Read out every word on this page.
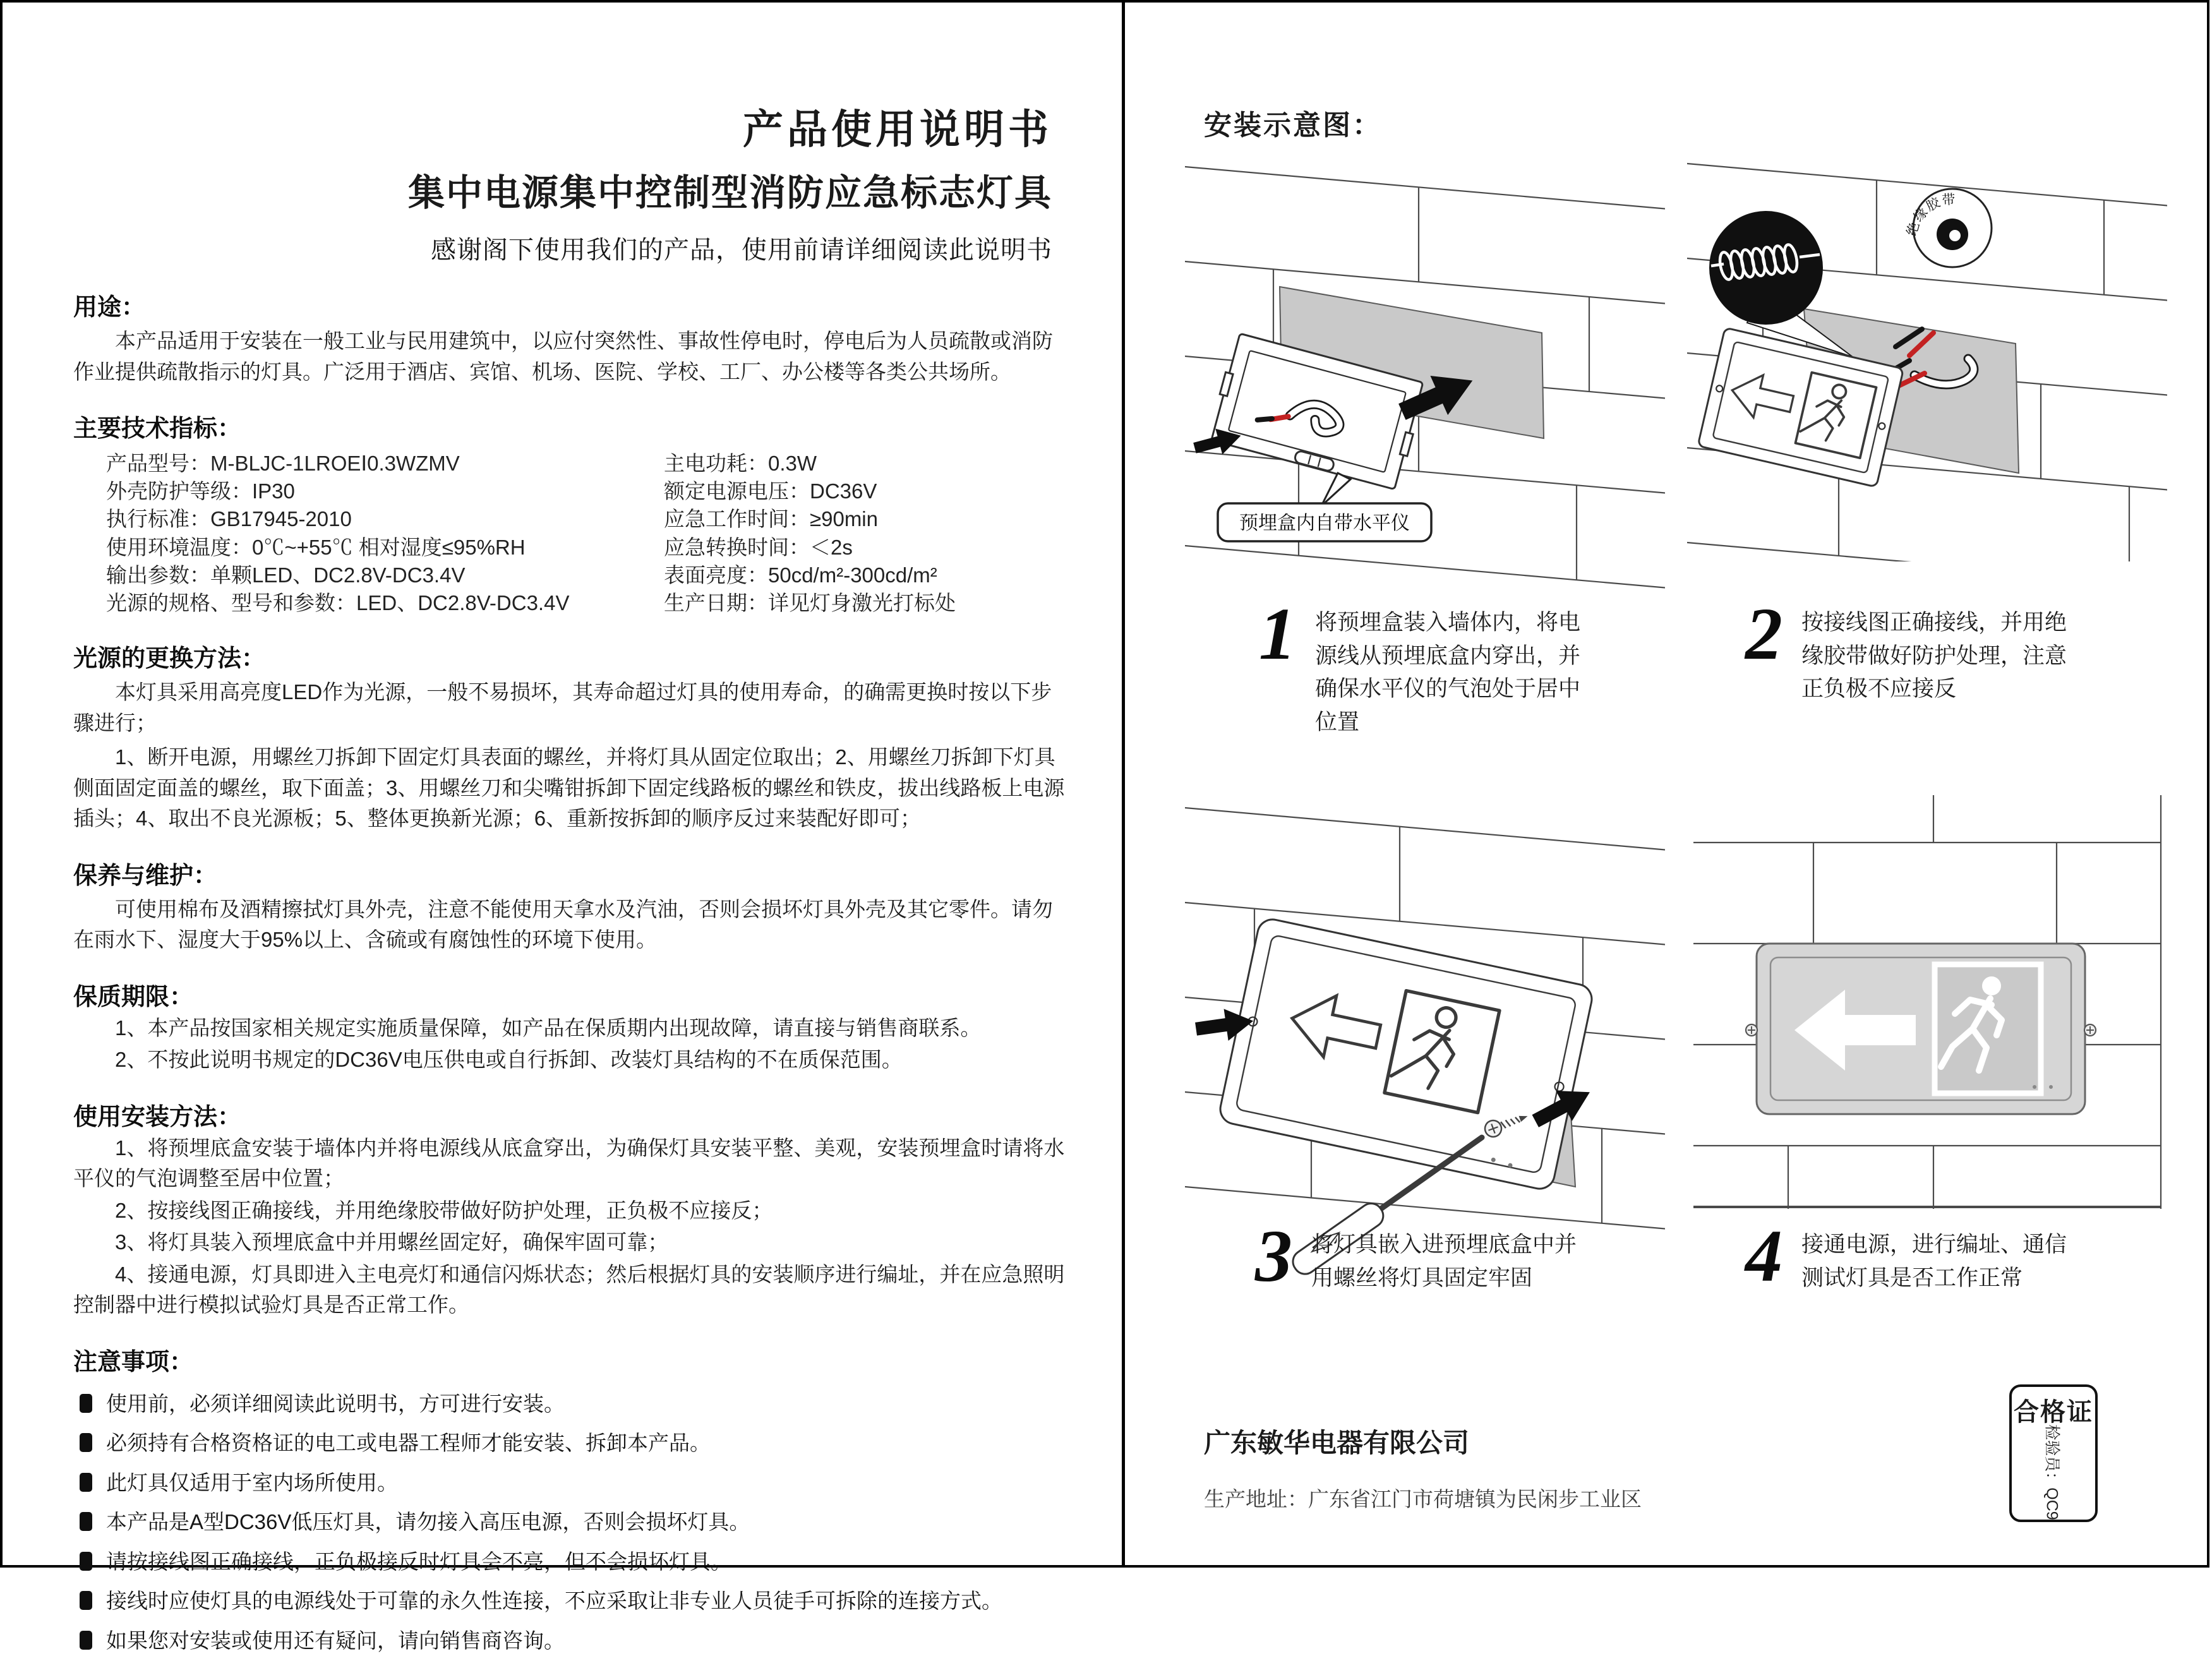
产品使用说明书
集中电源集中控制型消防应急标志灯具
感谢阁下使用我们的产品，使用前请详细阅读此说明书
用途：

本产品适用于安装在一般工业与民用建筑中，以应付突然性、事故性停电时，停电后为人员疏散或消防作业提供疏散指示的灯具。广泛用于酒店、宾馆、机场、医院、学校、工厂、办公楼等各类公共场所。

主要技术指标：
产品型号：M-BLJC-1LROEⅠ0.3WZMV
外壳防护等级：IP30
执行标准：GB17945-2010
使用环境温度：0℃~+55℃ 相对湿度≤95%RH
输出参数：单颗LED、DC2.8V-DC3.4V
光源的规格、型号和参数：LED、DC2.8V-DC3.4V
主电功耗：0.3W
额定电源电压：DC36V
应急工作时间：≥90min
应急转换时间：＜2s
表面亮度：50cd/m²-300cd/m²
生产日期：详见灯身激光打标处
光源的更换方法：

本灯具采用高亮度LED作为光源，一般不易损坏，其寿命超过灯具的使用寿命，的确需更换时按以下步骤进行；

1、断开电源，用螺丝刀拆卸下固定灯具表面的螺丝，并将灯具从固定位取出；2、用螺丝刀拆卸下灯具侧面固定面盖的螺丝，取下面盖；3、用螺丝刀和尖嘴钳拆卸下固定线路板的螺丝和铁皮，拔出线路板上电源插头；4、取出不良光源板；5、整体更换新光源；6、重新按拆卸的顺序反过来装配好即可；

保养与维护：

可使用棉布及酒精擦拭灯具外壳，注意不能使用天拿水及汽油，否则会损坏灯具外壳及其它零件。请勿在雨水下、湿度大于95%以上、含硫或有腐蚀性的环境下使用。

保质期限：

1、本产品按国家相关规定实施质量保障，如产品在保质期内出现故障，请直接与销售商联系。

2、不按此说明书规定的DC36V电压供电或自行拆卸、改装灯具结构的不在质保范围。

使用安装方法：

1、将预埋底盒安装于墙体内并将电源线从底盒穿出，为确保灯具安装平整、美观，安装预埋盒时请将水平仪的气泡调整至居中位置；

2、按接线图正确接线，并用绝缘胶带做好防护处理，正负极不应接反；

3、将灯具装入预埋底盒中并用螺丝固定好，确保牢固可靠；

4、接通电源，灯具即进入主电亮灯和通信闪烁状态；然后根据灯具的安装顺序进行编址，并在应急照明控制器中进行模拟试验灯具是否正常工作。

注意事项：
使用前，必须详细阅读此说明书，方可进行安装。
必须持有合格资格证的电工或电器工程师才能安装、拆卸本产品。
此灯具仅适用于室内场所使用。
本产品是A型DC36V低压灯具，请勿接入高压电源，否则会损坏灯具。
请按接线图正确接线，正负极接反时灯具会不亮，但不会损坏灯具。
接线时应使灯具的电源线处于可靠的永久性连接，不应采取让非专业人员徒手可拆除的连接方式。
如果您对安装或使用还有疑问，请向销售商咨询。
安装示意图：
预埋盒内自带水平仪
绝缘胶带
1 将预埋盒装入墙体内，将电源线从预埋底盒内穿出，并确保水平仪的气泡处于居中位置
2 按接线图正确接线，并用绝缘胶带做好防护处理，注意正负极不应接反
3 将灯具嵌入进预埋底盒中并用螺丝将灯具固定牢固	4 接通电源，进行编址、通信测试灯具是否工作正常
广东敏华电器有限公司
生产地址：广东省江门市荷塘镇为民闲步工业区
合格证
检验员：QC9
